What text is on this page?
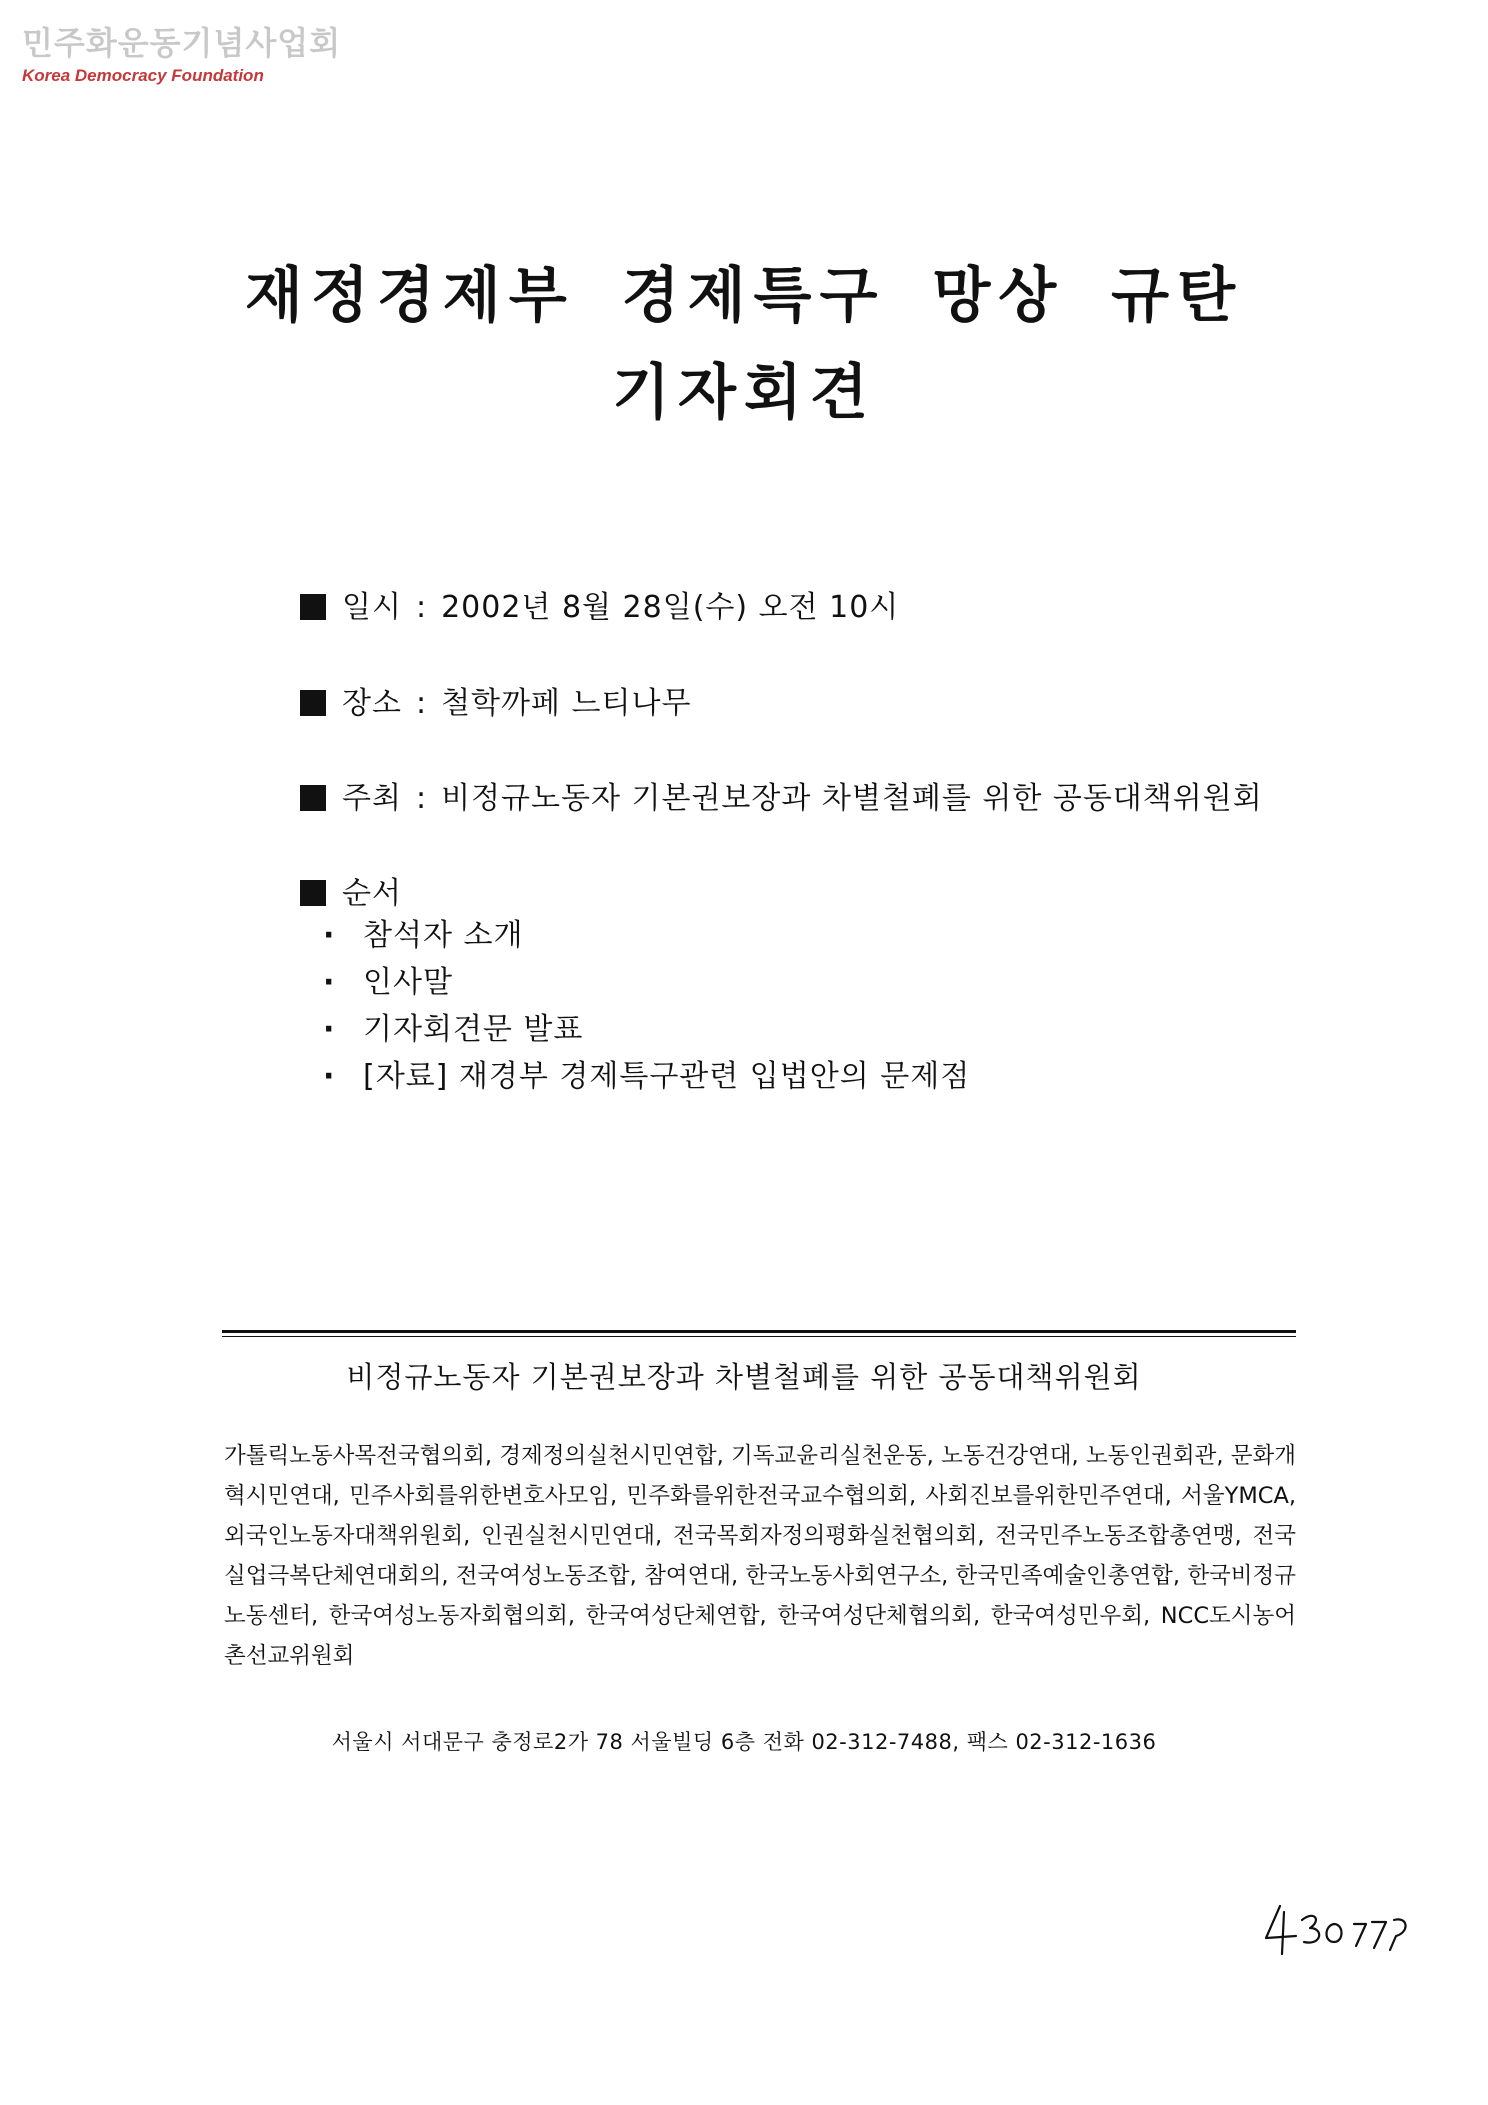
민주화운동기념사업회
Korea Democracy Foundation
재정경제부 경제특구 망상 규탄
기자회견
일시 : 2002년 8월 28일(수) 오전 10시
장소 : 철학까페 느티나무
주최 : 비정규노동자 기본권보장과 차별철폐를 위한 공동대책위원회
순서
· 참석자 소개
· 인사말
· 기자회견문 발표
· [자료] 재경부 경제특구관련 입법안의 문제점
비정규노동자 기본권보장과 차별철폐를 위한 공동대책위원회
가톨릭노동사목전국협의회, 경제정의실천시민연합, 기독교윤리실천운동, 노동건강연대, 노동인권회관, 문화개혁시민연대, 민주사회를위한변호사모임, 민주화를위한전국교수협의회, 사회진보를위한민주연대, 서울YMCA, 외국인노동자대책위원회, 인권실천시민연대, 전국목회자정의평화실천협의회, 전국민주노동조합총연맹, 전국실업극복단체연대회의, 전국여성노동조합, 참여연대, 한국노동사회연구소, 한국민족예술인총연합, 한국비정규노동센터, 한국여성노동자회협의회, 한국여성단체연합, 한국여성단체협의회, 한국여성민우회, NCC도시농어촌선교위원회
서울시 서대문구 충정로2가 78 서울빌딩 6층 전화 02-312-7488, 팩스 02-312-1636
